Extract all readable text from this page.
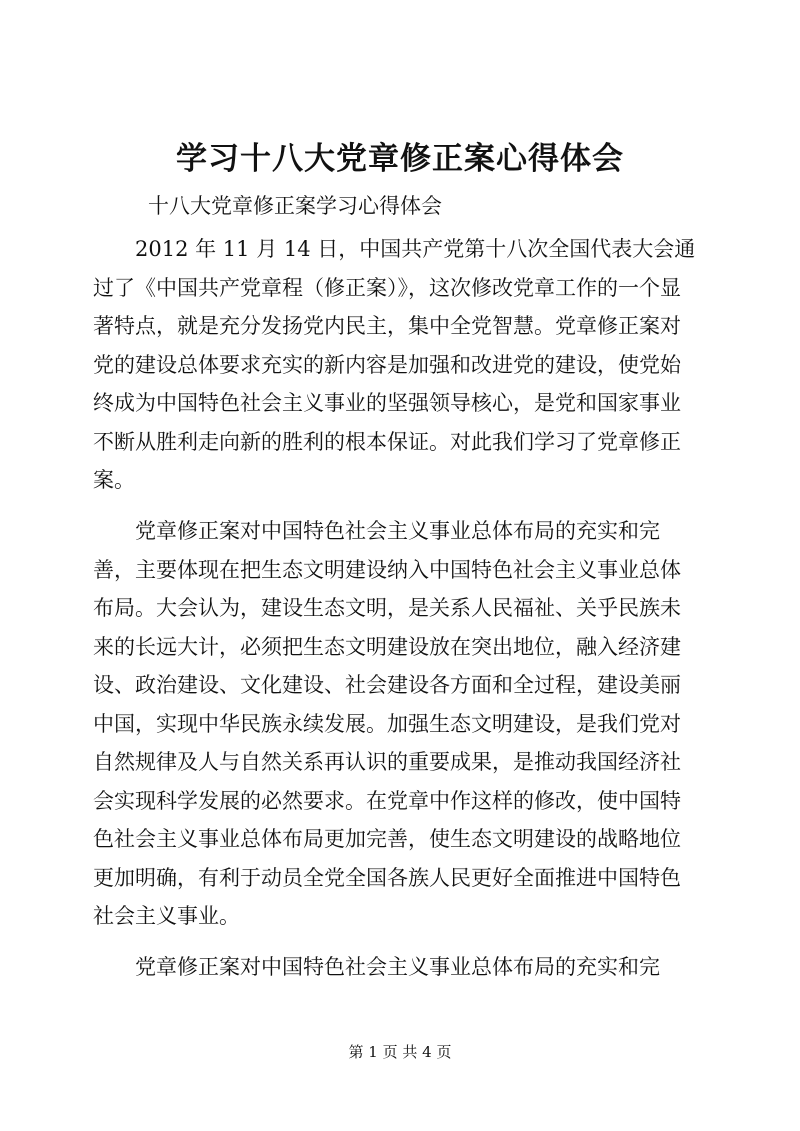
学习十八大党章修正案心得体会
十八大党章修正案学习心得体会
　　2012 年 11 月 14 日，中国共产党第十八次全国代表大会通
过了《中国共产党章程（修正案）》，这次修改党章工作的一个显
著特点，就是充分发扬党内民主，集中全党智慧。党章修正案对
党的建设总体要求充实的新内容是加强和改进党的建设，使党始
终成为中国特色社会主义事业的坚强领导核心，是党和国家事业
不断从胜利走向新的胜利的根本保证。对此我们学习了党章修正
案。
　　党章修正案对中国特色社会主义事业总体布局的充实和完
善，主要体现在把生态文明建设纳入中国特色社会主义事业总体
布局。大会认为，建设生态文明，是关系人民福祉、关乎民族未
来的长远大计，必须把生态文明建设放在突出地位，融入经济建
设、政治建设、文化建设、社会建设各方面和全过程，建设美丽
中国，实现中华民族永续发展。加强生态文明建设，是我们党对
自然规律及人与自然关系再认识的重要成果，是推动我国经济社
会实现科学发展的必然要求。在党章中作这样的修改，使中国特
色社会主义事业总体布局更加完善，使生态文明建设的战略地位
更加明确，有利于动员全党全国各族人民更好全面推进中国特色
社会主义事业。
　　党章修正案对中国特色社会主义事业总体布局的充实和完
第 1 页 共 4 页
